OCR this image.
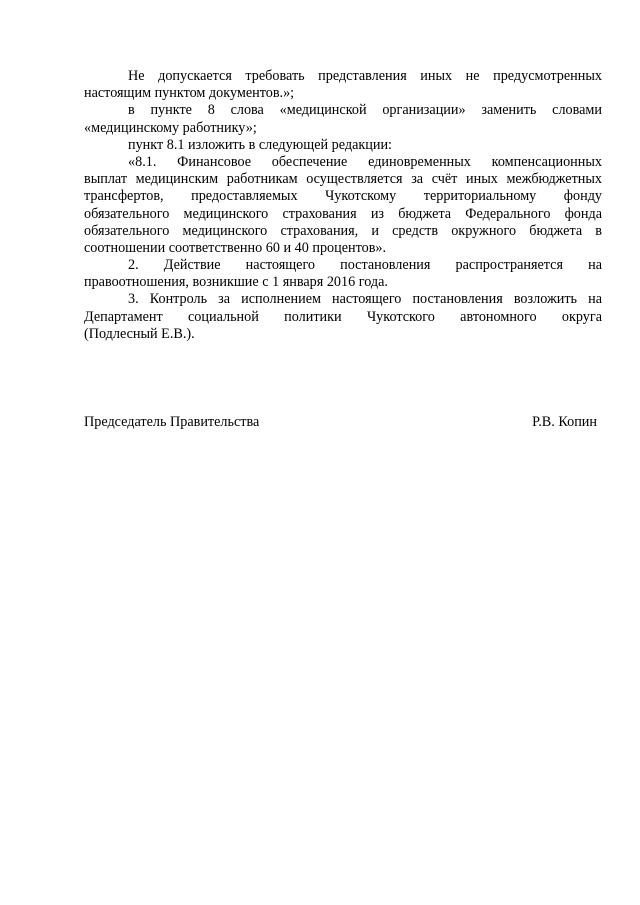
Не допускается требовать представления иных не предусмотренных
настоящим пунктом документов.»;
в пункте 8 слова «медицинской организации» заменить словами
«медицинскому работнику»;
пункт 8.1 изложить в следующей редакции:
«8.1. Финансовое обеспечение единовременных компенсационных
выплат медицинским работникам осуществляется за счёт иных межбюджетных
трансфертов, предоставляемых Чукотскому территориальному фонду
обязательного медицинского страхования из бюджета Федерального фонда
обязательного медицинского страхования, и средств окружного бюджета в
соотношении соответственно 60 и 40 процентов».
2. Действие настоящего постановления распространяется на
правоотношения, возникшие с 1 января 2016 года.
3. Контроль за исполнением настоящего постановления возложить на
Департамент социальной политики Чукотского автономного округа
(Подлесный Е.В.).
Председатель Правительства	Р.В. Копин
